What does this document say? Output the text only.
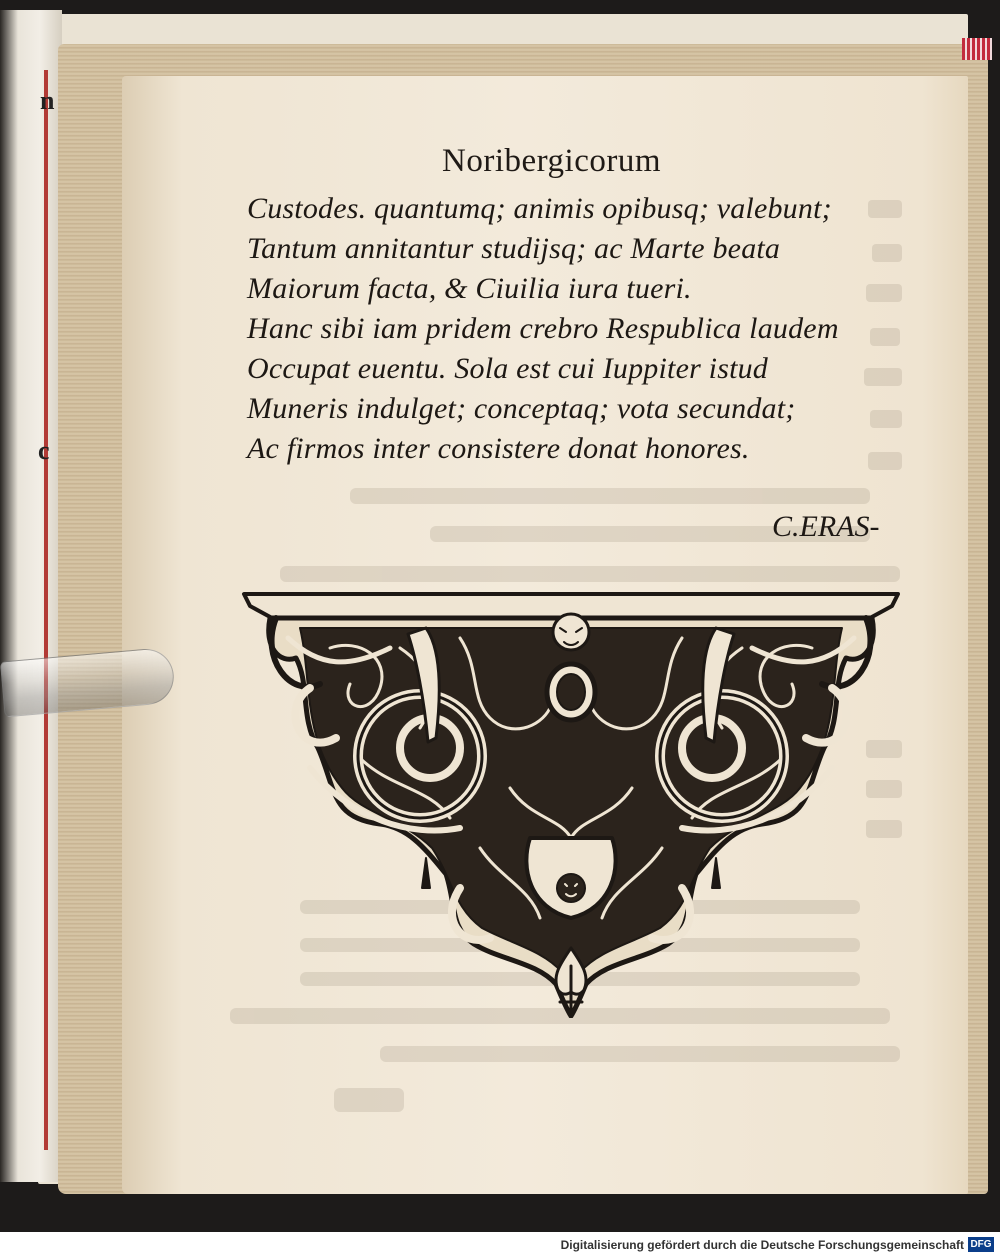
n
c
Noribergicorum
Custodes. quantumq; animis opibusq; valebunt;
Tantum annitantur studijsq; ac Marte beata
Maiorum facta, & Ciuilia iura tueri.
Hanc sibi iam pridem crebro Respublica laudem
Occupat euentu. Sola est cui Iuppiter istud
Muneris indulget; conceptaq; vota secundat;
Ac firmos inter consistere donat honores.
C.ERAS-
Digitalisierung gefördert durch die Deutsche Forschungsgemeinschaft DFG
